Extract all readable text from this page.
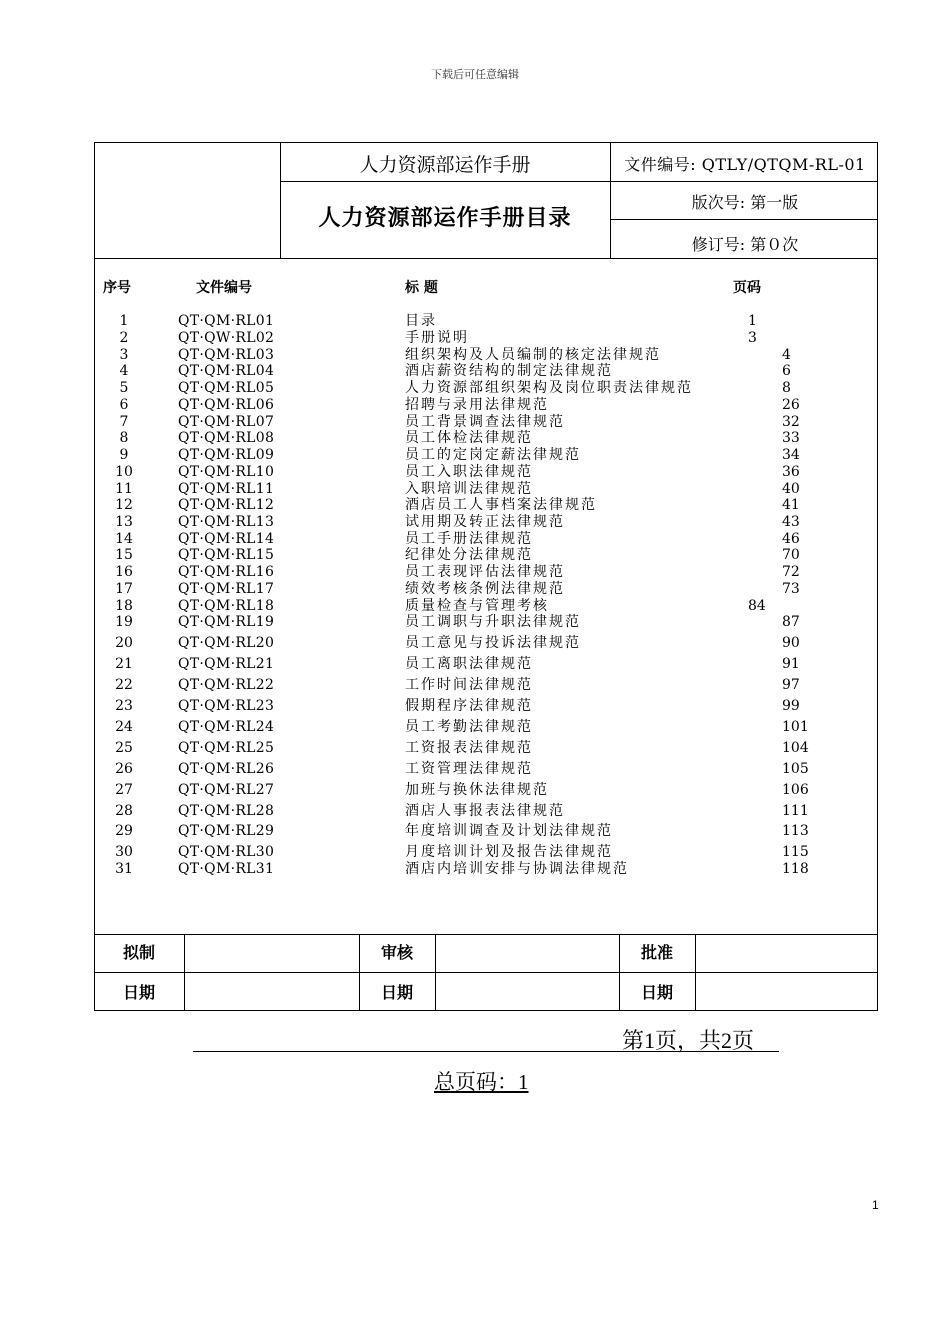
下载后可任意编辑
人力资源部运作手册
人力资源部运作手册目录
文件编号: QTLY/QTQM-RL-01
版次号: 第一版
修订号: 第０次
序号	文件编号	标 题	页码
1	QT·QM·RL01	目录	1
2	QT·QW·RL02	手册说明	3
3	QT·QM·RL03	组织架构及人员编制的核定法律规范	4
4	QT·QM·RL04	酒店薪资结构的制定法律规范	6
5	QT·QM·RL05	人力资源部组织架构及岗位职责法律规范	8
6	QT·QM·RL06	招聘与录用法律规范	26
7	QT·QM·RL07	员工背景调查法律规范	32
8	QT·QM·RL08	员工体检法律规范	33
9	QT·QM·RL09	员工的定岗定薪法律规范	34
10	QT·QM·RL10	员工入职法律规范	36
11	QT·QM·RL11	入职培训法律规范	40
12	QT·QM·RL12	酒店员工人事档案法律规范	41
13	QT·QM·RL13	试用期及转正法律规范	43
14	QT·QM·RL14	员工手册法律规范	46
15	QT·QM·RL15	纪律处分法律规范	70
16	QT·QM·RL16	员工表现评估法律规范	72
17	QT·QM·RL17	绩效考核条例法律规范	73
18	QT·QM·RL18	质量检查与管理考核	84
19	QT·QM·RL19	员工调职与升职法律规范	87
20	QT·QM·RL20	员工意见与投诉法律规范	90
21	QT·QM·RL21	员工离职法律规范	91
22	QT·QM·RL22	工作时间法律规范	97
23	QT·QM·RL23	假期程序法律规范	99
24	QT·QM·RL24	员工考勤法律规范	101
25	QT·QM·RL25	工资报表法律规范	104
26	QT·QM·RL26	工资管理法律规范	105
27	QT·QM·RL27	加班与换休法律规范	106
28	QT·QM·RL28	酒店人事报表法律规范	111
29	QT·QM·RL29	年度培训调查及计划法律规范	113
30	QT·QM·RL30	月度培训计划及报告法律规范	115
31	QT·QM·RL31	酒店内培训安排与协调法律规范	118
拟制	审核	批准
日期	日期	日期
第1页，共2页
总页码：1
1
